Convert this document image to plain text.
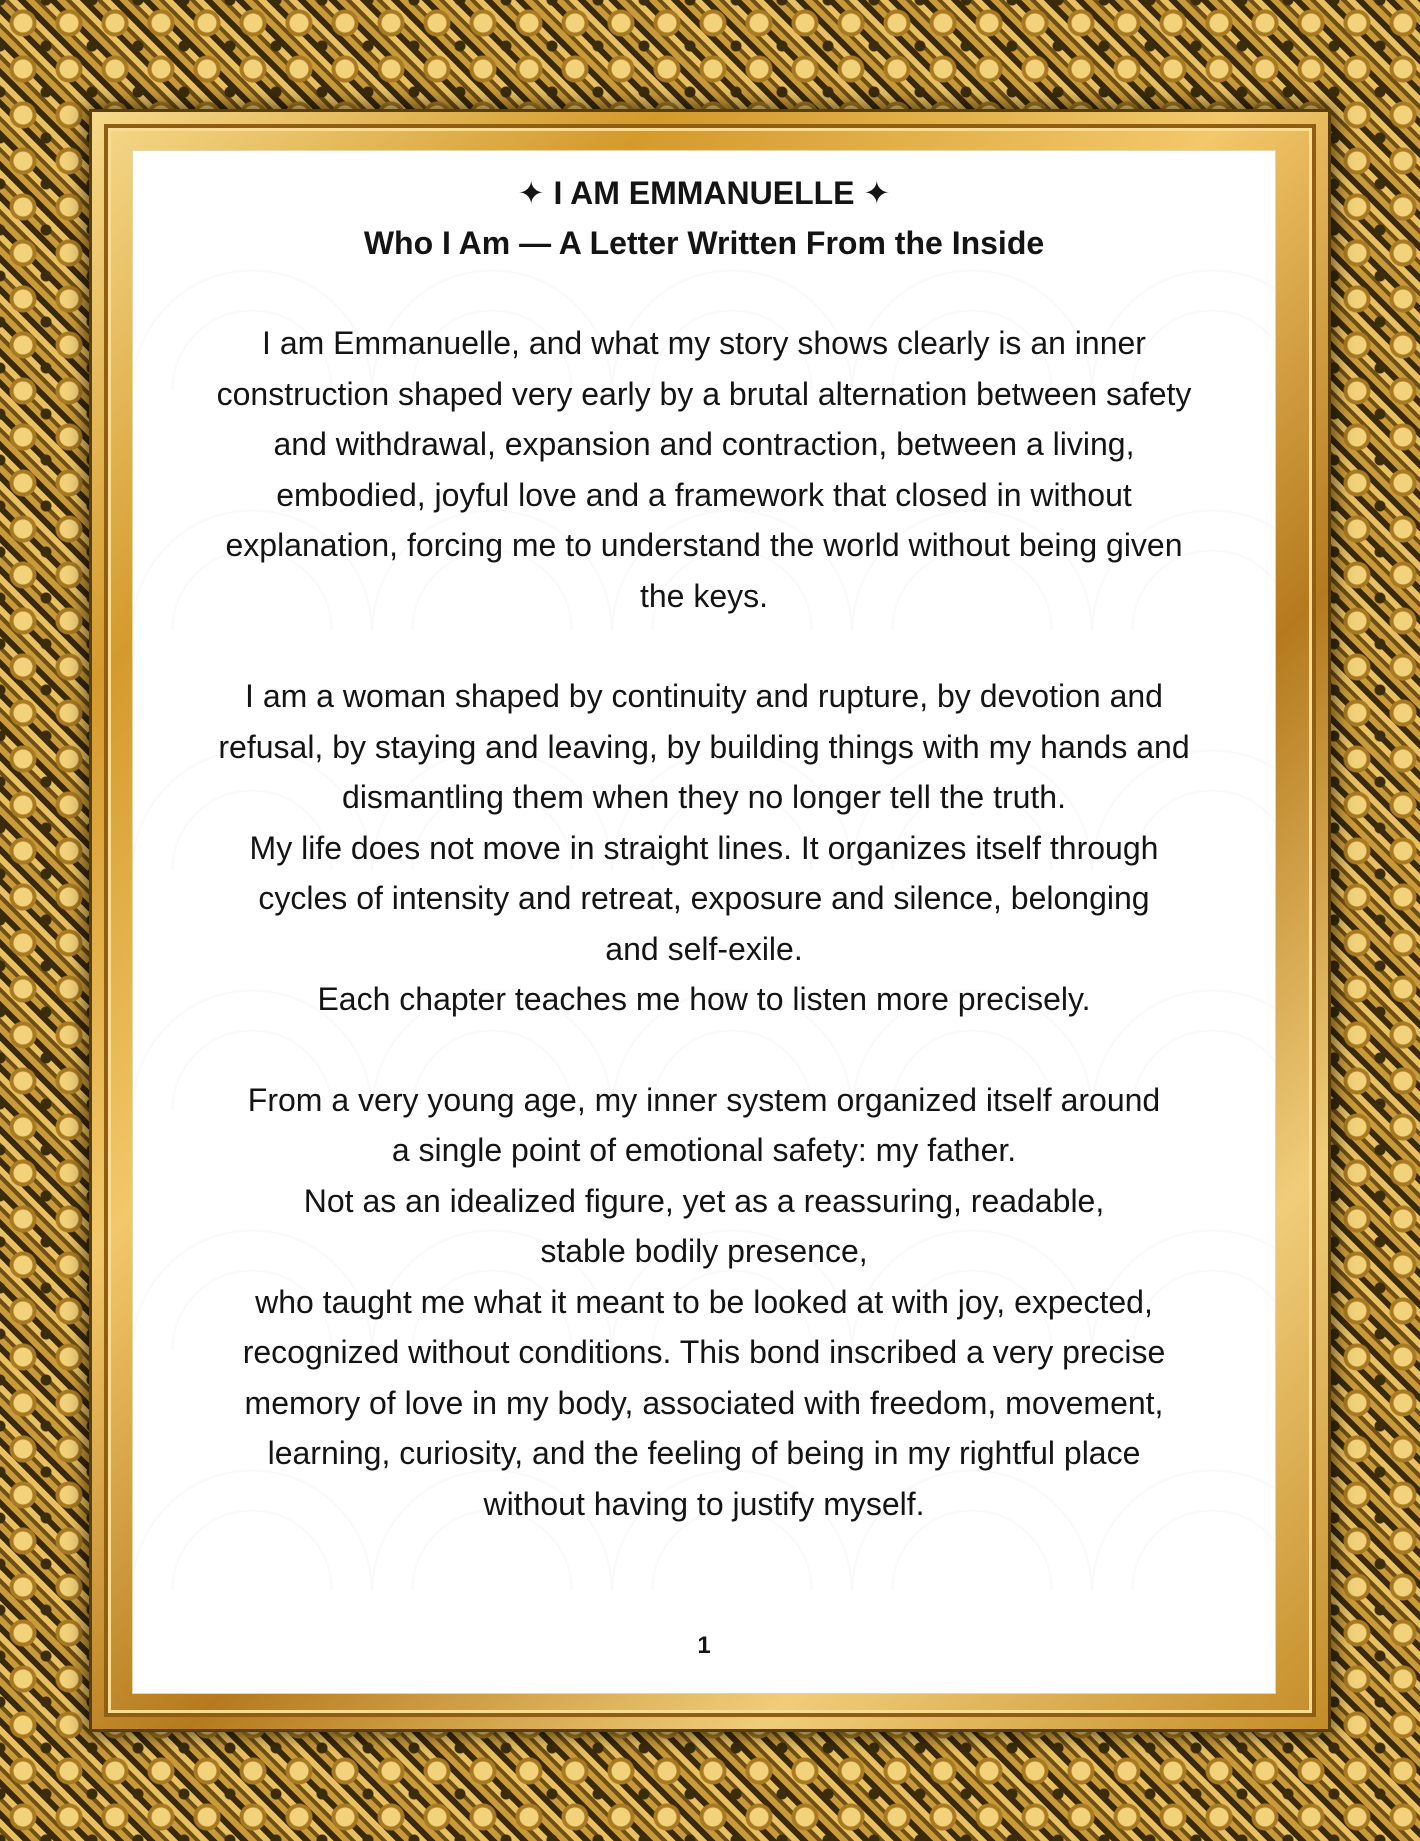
✦ I AM EMMANUELLE ✦
Who I Am — A Letter Written From the Inside

I am Emmanuelle, and what my story shows clearly is an inner
construction shaped very early by a brutal alternation between safety
and withdrawal, expansion and contraction, between a living,
embodied, joyful love and a framework that closed in without
explanation, forcing me to understand the world without being given
the keys.

I am a woman shaped by continuity and rupture, by devotion and
refusal, by staying and leaving, by building things with my hands and
dismantling them when they no longer tell the truth.
My life does not move in straight lines. It organizes itself through
cycles of intensity and retreat, exposure and silence, belonging
and self-exile.
Each chapter teaches me how to listen more precisely.

From a very young age, my inner system organized itself around
a single point of emotional safety: my father.
Not as an idealized figure, yet as a reassuring, readable,
stable bodily presence,
who taught me what it meant to be looked at with joy, expected,
recognized without conditions. This bond inscribed a very precise
memory of love in my body, associated with freedom, movement,
learning, curiosity, and the feeling of being in my rightful place
without having to justify myself.

1
